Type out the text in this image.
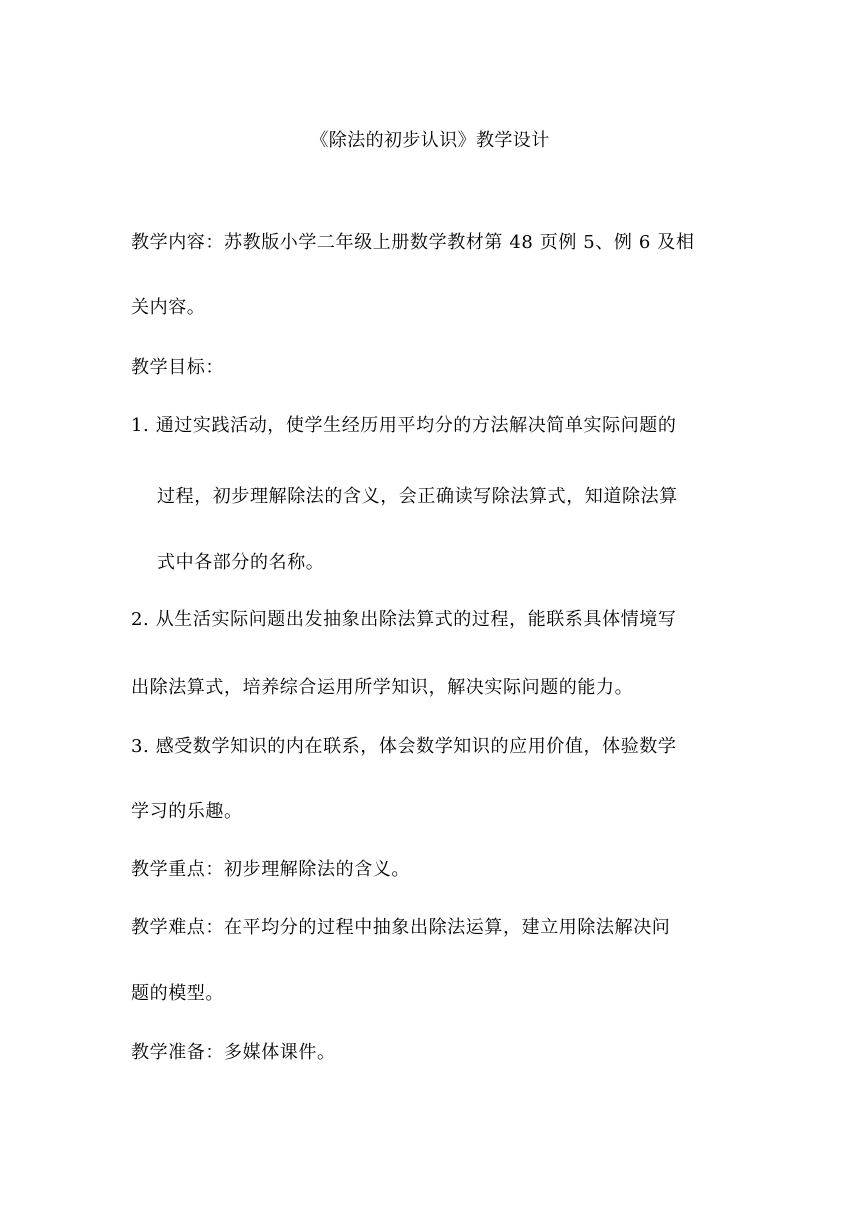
《除法的初步认识》教学设计
教学内容：苏教版小学二年级上册数学教材第 48 页例 5、例 6 及相
关内容。
教学目标：
1. 通过实践活动，使学生经历用平均分的方法解决简单实际问题的
过程，初步理解除法的含义，会正确读写除法算式，知道除法算
式中各部分的名称。
2. 从生活实际问题出发抽象出除法算式的过程，能联系具体情境写
出除法算式，培养综合运用所学知识，解决实际问题的能力。
3. 感受数学知识的内在联系，体会数学知识的应用价值，体验数学
学习的乐趣。
教学重点：初步理解除法的含义。
教学难点：在平均分的过程中抽象出除法运算，建立用除法解决问
题的模型。
教学准备：多媒体课件。
